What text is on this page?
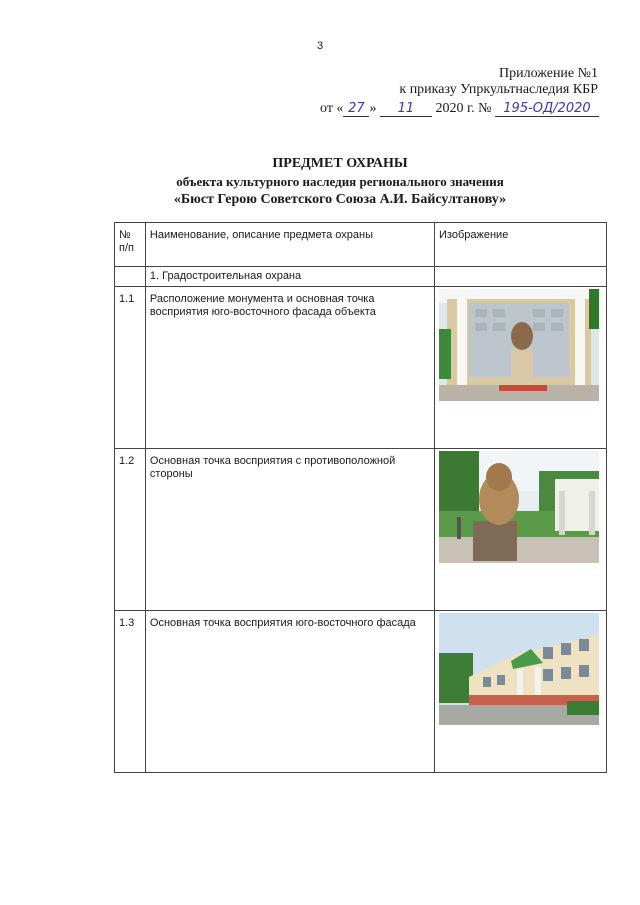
3
Приложение №1
к приказу Упркультнаследия КБР
от « 27 » 11 2020 г. № 195-ОД/2020
ПРЕДМЕТ ОХРАНЫ
объекта культурного наследия регионального значения
«Бюст Герою Советского Союза А.И. Байсултанову»
№ п/п	Наименование, описание предмета охраны	Изображение
	1. Градостроительная охрана	
1.1	Расположение монумента и основная точка восприятия юго-восточного фасада объекта	

1.2	Основная точка восприятия с противоположной стороны	

1.3	Основная точка восприятия юго-восточного фасада	
